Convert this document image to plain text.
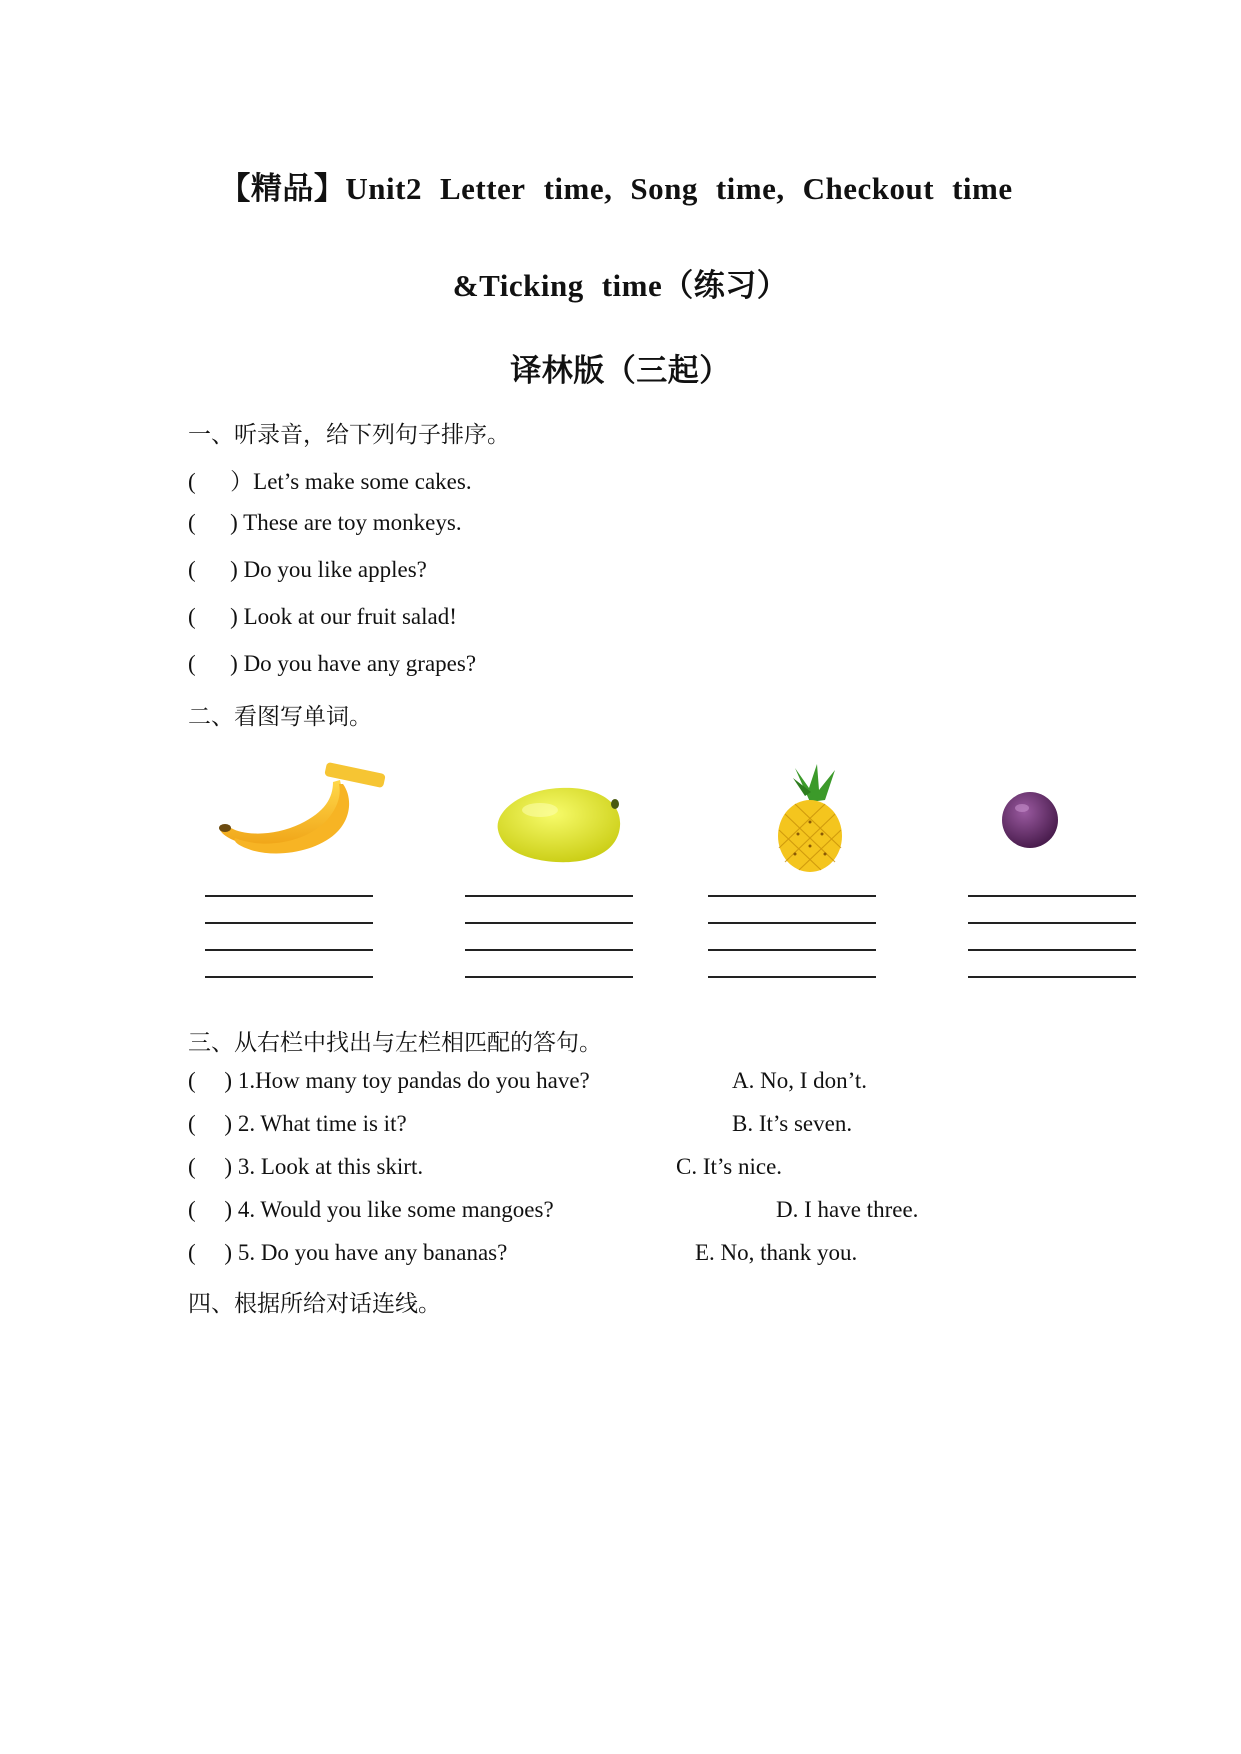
【精品】Unit2 Letter time, Song time, Checkout time
&Ticking time（练习）
译林版（三起）
一、听录音，给下列句子排序。
(      ）Let’s make some cakes.
(      ) These are toy monkeys.
(      ) Do you like apples?
(      ) Look at our fruit salad!
(      ) Do you have any grapes?
二、看图写单词。
三、从右栏中找出与左栏相匹配的答句。
(     ) 1.How many toy pandas do you have?
(     ) 2. What time is it?
(     ) 3. Look at this skirt.
(     ) 4. Would you like some mangoes?
(     ) 5. Do you have any bananas?
A. No, I don’t.
B. It’s seven.
C. It’s nice.
D. I have three.
E. No, thank you.
四、根据所给对话连线。
